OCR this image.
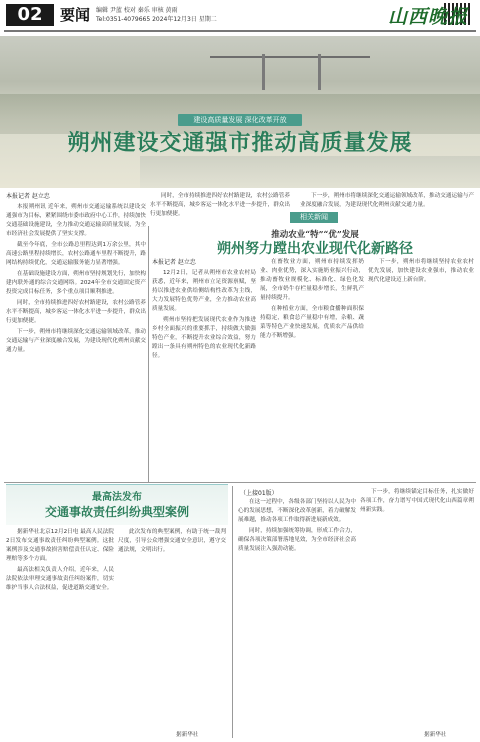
02	要闻 编辑 尹蓝 校对 秦乐 审核 黄雨
Tel:0351-4079665 2024年12月3日 星期二	山西晚报
建设高质量发展 深化改革开放
朔州建设交通强市推动高质量发展
本报记者 赵立忠

本报朔州讯 近年来，朔州市交通运输系统以建设交通强市为目标，紧紧围绕市委市政府中心工作，持续加快交通基础设施建设，全力推动交通运输高质量发展，为全市经济社会发展提供了坚实支撑。

截至今年底，全市公路总里程达到1万余公里，其中高速公路里程持续增长，农村公路通车里程不断提升，路网结构持续优化，交通运输服务能力显著增强。

在基础设施建设方面，朔州市坚持规划先行，加快构建内联外通的综合交通网络。2024年全市交通固定资产投资完成目标任务，多个重点项目顺利推进。

同时，全市持续推进四好农村路建设，农村公路管养水平不断提高，城乡客运一体化水平进一步提升，群众出行更加便捷。

下一步，朔州市将继续深化交通运输领域改革，推动交通运输与产业深度融合发展，为建设现代化朔州贡献交通力量。

同时，全市持续推进四好农村路建设，农村公路管养水平不断提高，城乡客运一体化水平进一步提升，群众出行更加便捷。

下一步，朔州市将继续深化交通运输领域改革，推动交通运输与产业深度融合发展，为建设现代化朔州贡献交通力量。

相关新闻
推动农业“特”“优”发展
朔州努力蹚出农业现代化新路径
本报记者 赵立忠

12月2日，记者从朔州市农业农村局获悉，近年来，朔州市立足资源禀赋，坚持以推进农业供给侧结构性改革为主线，大力发展特色优势产业，全力推动农业高质量发展。

朔州市坚持把发展现代农业作为推进乡村全面振兴的重要抓手，持续做大做强特色产业，不断提升农业综合效益，努力蹚出一条具有朔州特色的农业现代化新路径。

在畜牧业方面，朔州市持续发挥奶业、肉业优势，深入实施奶业振兴行动，推动畜牧业规模化、标准化、绿色化发展，全市奶牛存栏量稳步增长，生鲜乳产量持续提升。

在种植业方面，全市粮食播种面积保持稳定，粮食总产量稳中有增，杂粮、蔬菜等特色产业快速发展，优质农产品供给能力不断增强。

下一步，朔州市将继续坚持农业农村优先发展，加快建设农业强市，推动农业现代化建设迈上新台阶。

最高法发布
交通事故责任纠纷典型案例

据新华社北京12月2日电 最高人民法院2日发布交通事故责任纠纷典型案例。这批案例涉及交通事故损害赔偿责任认定、保险理赔等多个方面。

最高法相关负责人介绍，近年来，人民法院依法审理交通事故责任纠纷案件，切实维护当事人合法权益，促进道路交通安全。

此次发布的典型案例，有助于统一裁判尺度，引导公众增强交通安全意识，遵守交通法规，文明出行。

据新华社
（上接01版）

在这一过程中，各级各部门坚持以人民为中心的发展思想，不断深化改革创新，着力破解发展难题，推动各项工作取得新进展新成效。

同时，持续加强统筹协调，形成工作合力，确保各项决策部署落地见效，为全市经济社会高质量发展注入强劲动能。

下一步，将继续锚定目标任务，扎实做好各项工作，奋力谱写中国式现代化山西篇章朔州新实践。

据新华社
